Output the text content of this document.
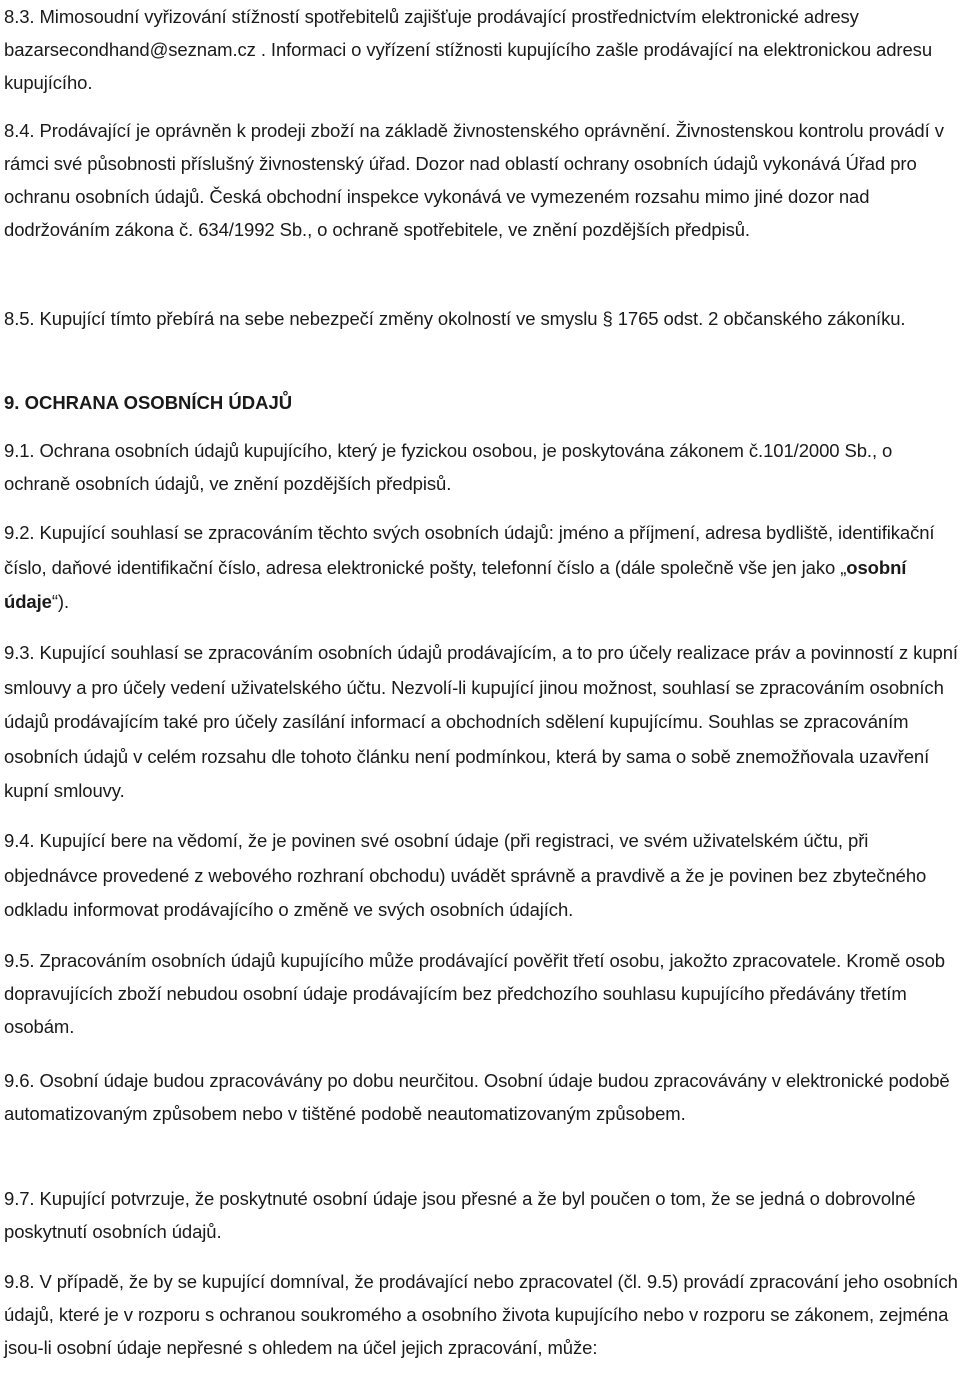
8.3. Mimosoudní vyřizování stížností spotřebitelů zajišťuje prodávající prostřednictvím elektronické adresy bazarsecondhand@seznam.cz . Informaci o vyřízení stížnosti kupujícího zašle prodávající na elektronickou adresu kupujícího.
8.4. Prodávající je oprávněn k prodeji zboží na základě živnostenského oprávnění. Živnostenskou kontrolu provádí v rámci své působnosti příslušný živnostenský úřad. Dozor nad oblastí ochrany osobních údajů vykonává Úřad pro ochranu osobních údajů. Česká obchodní inspekce vykonává ve vymezeném rozsahu mimo jiné dozor nad dodržováním zákona č. 634/1992 Sb., o ochraně spotřebitele, ve znění pozdějších předpisů.
8.5. Kupující tímto přebírá na sebe nebezpečí změny okolností ve smyslu § 1765 odst. 2 občanského zákoníku.
9. OCHRANA OSOBNÍCH ÚDAJŮ
9.1. Ochrana osobních údajů kupujícího, který je fyzickou osobou, je poskytována zákonem č.101/2000 Sb., o ochraně osobních údajů, ve znění pozdějších předpisů.
9.2. Kupující souhlasí se zpracováním těchto svých osobních údajů: jméno a příjmení, adresa bydliště, identifikační číslo, daňové identifikační číslo, adresa elektronické pošty, telefonní číslo a (dále společně vše jen jako „osobní údaje“).
9.3. Kupující souhlasí se zpracováním osobních údajů prodávajícím, a to pro účely realizace práv a povinností z kupní smlouvy a pro účely vedení uživatelského účtu. Nezvolí-li kupující jinou možnost, souhlasí se zpracováním osobních údajů prodávajícím také pro účely zasílání informací a obchodních sdělení kupujícímu. Souhlas se zpracováním osobních údajů v celém rozsahu dle tohoto článku není podmínkou, která by sama o sobě znemožňovala uzavření kupní smlouvy.
9.4. Kupující bere na vědomí, že je povinen své osobní údaje (při registraci, ve svém uživatelském účtu, při objednávce provedené z webového rozhraní obchodu) uvádět správně a pravdivě a že je povinen bez zbytečného odkladu informovat prodávajícího o změně ve svých osobních údajích.
9.5. Zpracováním osobních údajů kupujícího může prodávající pověřit třetí osobu, jakožto zpracovatele. Kromě osob dopravujících zboží nebudou osobní údaje prodávajícím bez předchozího souhlasu kupujícího předávány třetím osobám.
9.6. Osobní údaje budou zpracovávány po dobu neurčitou. Osobní údaje budou zpracovávány v elektronické podobě automatizovaným způsobem nebo v tištěné podobě neautomatizovaným způsobem.
9.7. Kupující potvrzuje, že poskytnuté osobní údaje jsou přesné a že byl poučen o tom, že se jedná o dobrovolné poskytnutí osobních údajů.
9.8. V případě, že by se kupující domníval, že prodávající nebo zpracovatel (čl. 9.5) provádí zpracování jeho osobních údajů, které je v rozporu s ochranou soukromého a osobního života kupujícího nebo v rozporu se zákonem, zejména jsou-li osobní údaje nepřesné s ohledem na účel jejich zpracování, může:
